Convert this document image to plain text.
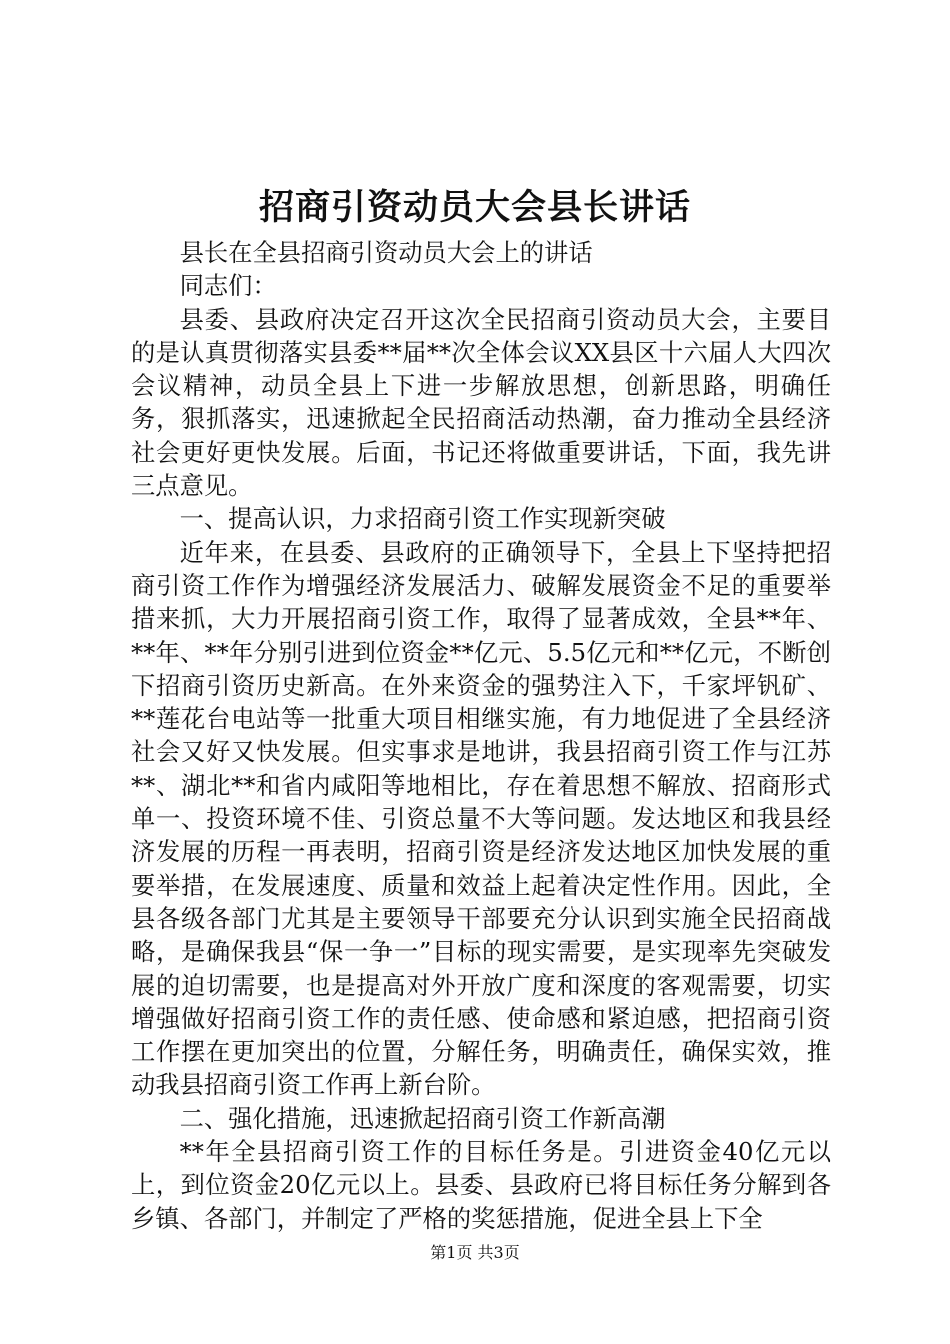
招商引资动员大会县长讲话

县长在全县招商引资动员大会上的讲话

同志们：

县委、县政府决定召开这次全民招商引资动员大会，主要目的是认真贯彻落实县委**届**次全体会议XX县区十六届人大四次会议精神，动员全县上下进一步解放思想，创新思路，明确任务，狠抓落实，迅速掀起全民招商活动热潮，奋力推动全县经济社会更好更快发展。后面，书记还将做重要讲话，下面，我先讲三点意见。

一、提高认识，力求招商引资工作实现新突破

近年来，在县委、县政府的正确领导下，全县上下坚持把招商引资工作作为增强经济发展活力、破解发展资金不足的重要举措来抓，大力开展招商引资工作，取得了显著成效，全县**年、**年、**年分别引进到位资金**亿元、5.5亿元和**亿元，不断创下招商引资历史新高。在外来资金的强势注入下，千家坪钒矿、**莲花台电站等一批重大项目相继实施，有力地促进了全县经济社会又好又快发展。但实事求是地讲，我县招商引资工作与江苏**、湖北**和省内咸阳等地相比，存在着思想不解放、招商形式单一、投资环境不佳、引资总量不大等问题。发达地区和我县经济发展的历程一再表明，招商引资是经济发达地区加快发展的重要举措，在发展速度、质量和效益上起着决定性作用。因此，全县各级各部门尤其是主要领导干部要充分认识到实施全民招商战略，是确保我县“保一争一”目标的现实需要，是实现率先突破发展的迫切需要，也是提高对外开放广度和深度的客观需要，切实增强做好招商引资工作的责任感、使命感和紧迫感，把招商引资工作摆在更加突出的位置，分解任务，明确责任，确保实效，推动我县招商引资工作再上新台阶。

二、强化措施，迅速掀起招商引资工作新高潮

**年全县招商引资工作的目标任务是。引进资金40亿元以上，到位资金20亿元以上。县委、县政府已将目标任务分解到各乡镇、各部门，并制定了严格的奖惩措施，促进全县上下全

第1页 共3页
